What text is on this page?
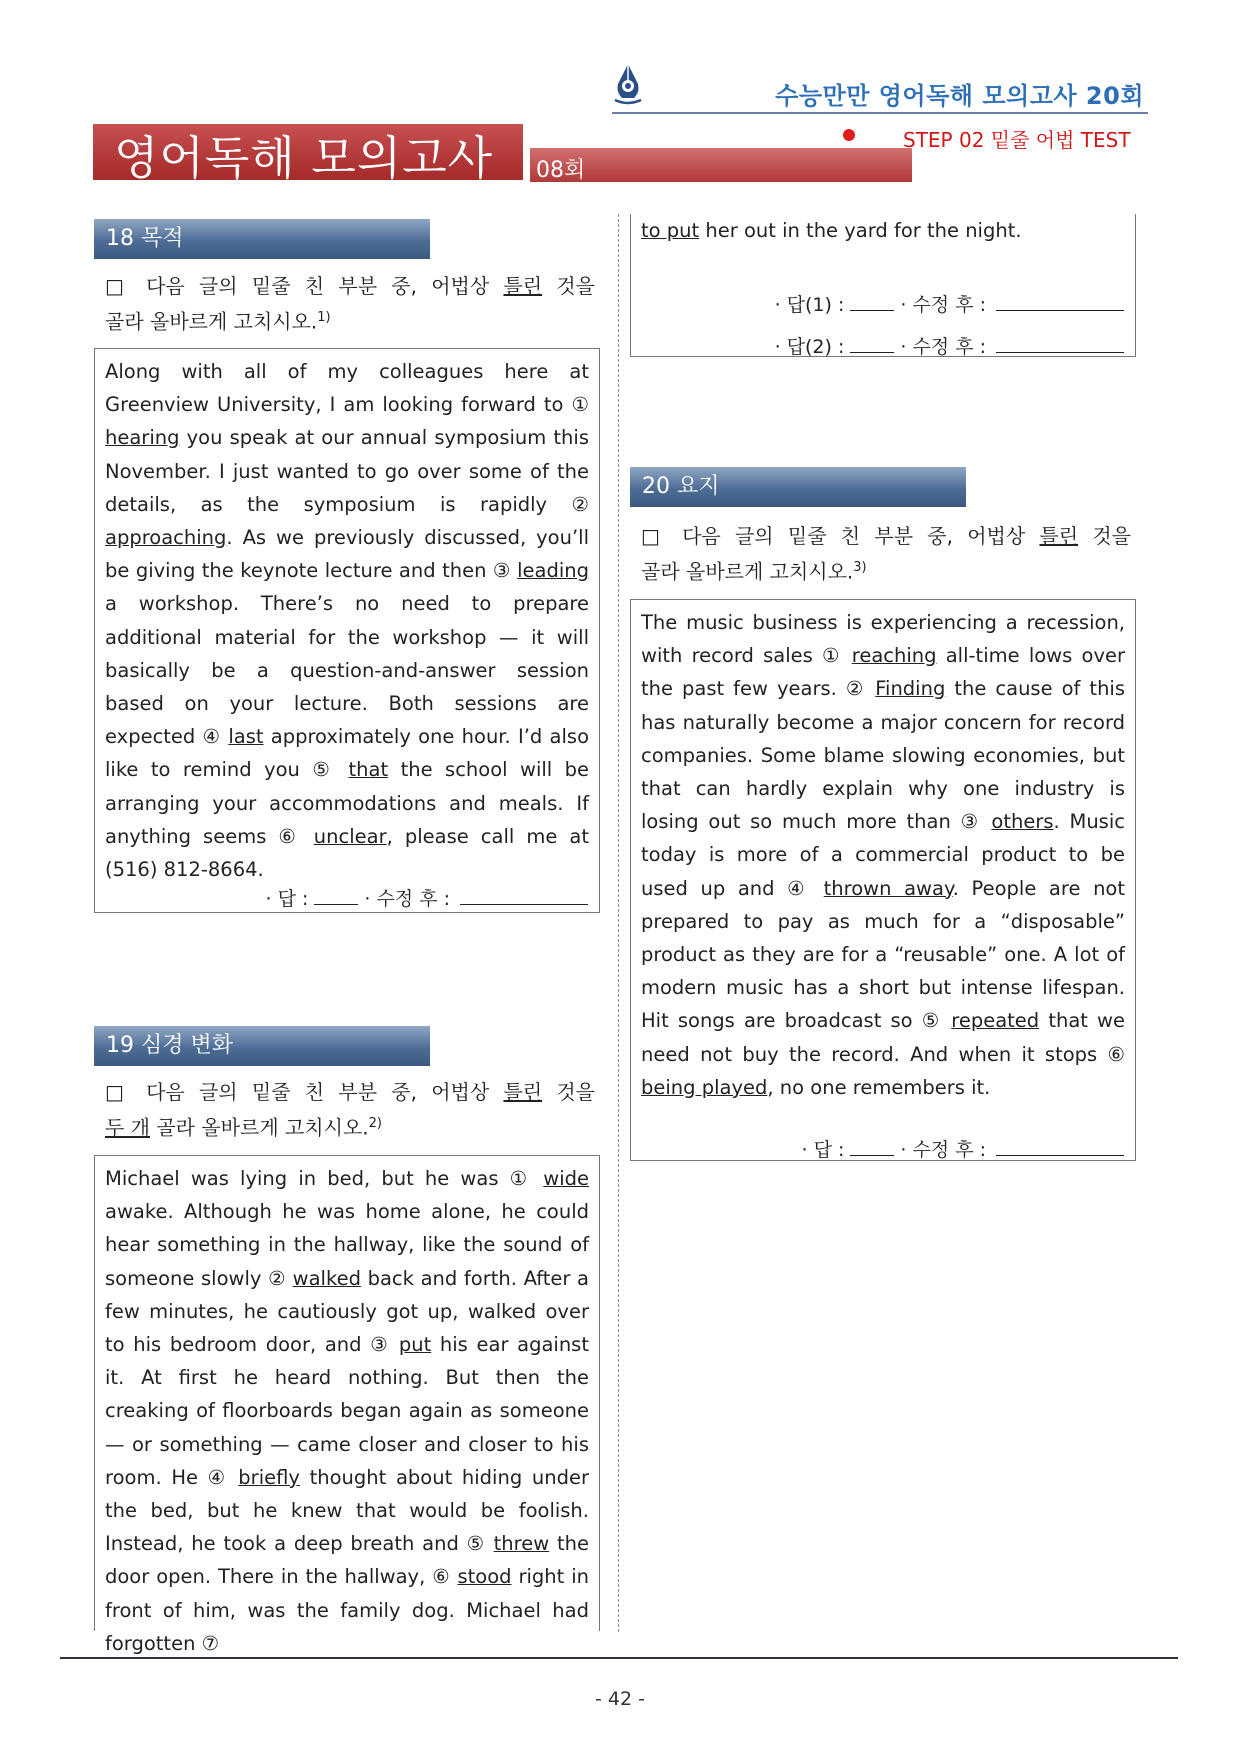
수능만만 영어독해 모의고사 20회
영어독해 모의고사 08회
STEP 02 밑줄 어법 TEST
18 목적
□ 다음 글의 밑줄 친 부분 중, 어법상 틀린 것을
골라 올바르게 고치시오.$^{1)}$
Along with all of my colleagues here at Greenview University, I am looking forward to ① hearing you speak at our annual symposium this November. I just wanted to go over some of the details, as the symposium is rapidly ② approaching. As we previously discussed, you’ll be giving the keynote lecture and then ③ leading a workshop. There’s no need to prepare additional material for the workshop — it will basically be a question-and-answer session based on your lecture. Both sessions are expected ④ last approximately one hour. I’d also like to remind you ⑤ that the school will be arranging your accommodations and meals. If anything seems ⑥ unclear, please call me at (516) 812-8664.
· 답 :	· 수정 후 :
19 심경 변화
□ 다음 글의 밑줄 친 부분 중, 어법상 틀린 것을
두 개 골라 올바르게 고치시오.$^{2)}$
Michael was lying in bed, but he was ① wide awake. Although he was home alone, he could hear something in the hallway, like the sound of someone slowly ② walked back and forth. After a few minutes, he cautiously got up, walked over to his bedroom door, and ③ put his ear against it. At first he heard nothing. But then the creaking of floorboards began again as someone — or something — came closer and closer to his room. He ④ briefly thought about hiding under the bed, but he knew that would be foolish. Instead, he took a deep breath and ⑤ threw the door open. There in the hallway, ⑥ stood right in front of him, was the family dog. Michael had forgotten ⑦
to put her out in the yard for the night.
· 답(1) :	· 수정 후 :
· 답(2) :	· 수정 후 :
20 요지
□ 다음 글의 밑줄 친 부분 중, 어법상 틀린 것을
골라 올바르게 고치시오.$^{3)}$
The music business is experiencing a recession, with record sales ① reaching all-time lows over the past few years. ② Finding the cause of this has naturally become a major concern for record companies. Some blame slowing economies, but that can hardly explain why one industry is losing out so much more than ③ others. Music today is more of a commercial product to be used up and ④ thrown away. People are not prepared to pay as much for a “disposable” product as they are for a “reusable” one. A lot of modern music has a short but intense lifespan. Hit songs are broadcast so ⑤ repeated that we need not buy the record. And when it stops ⑥ being played, no one remembers it.
· 답 :	· 수정 후 :
- 42 -
